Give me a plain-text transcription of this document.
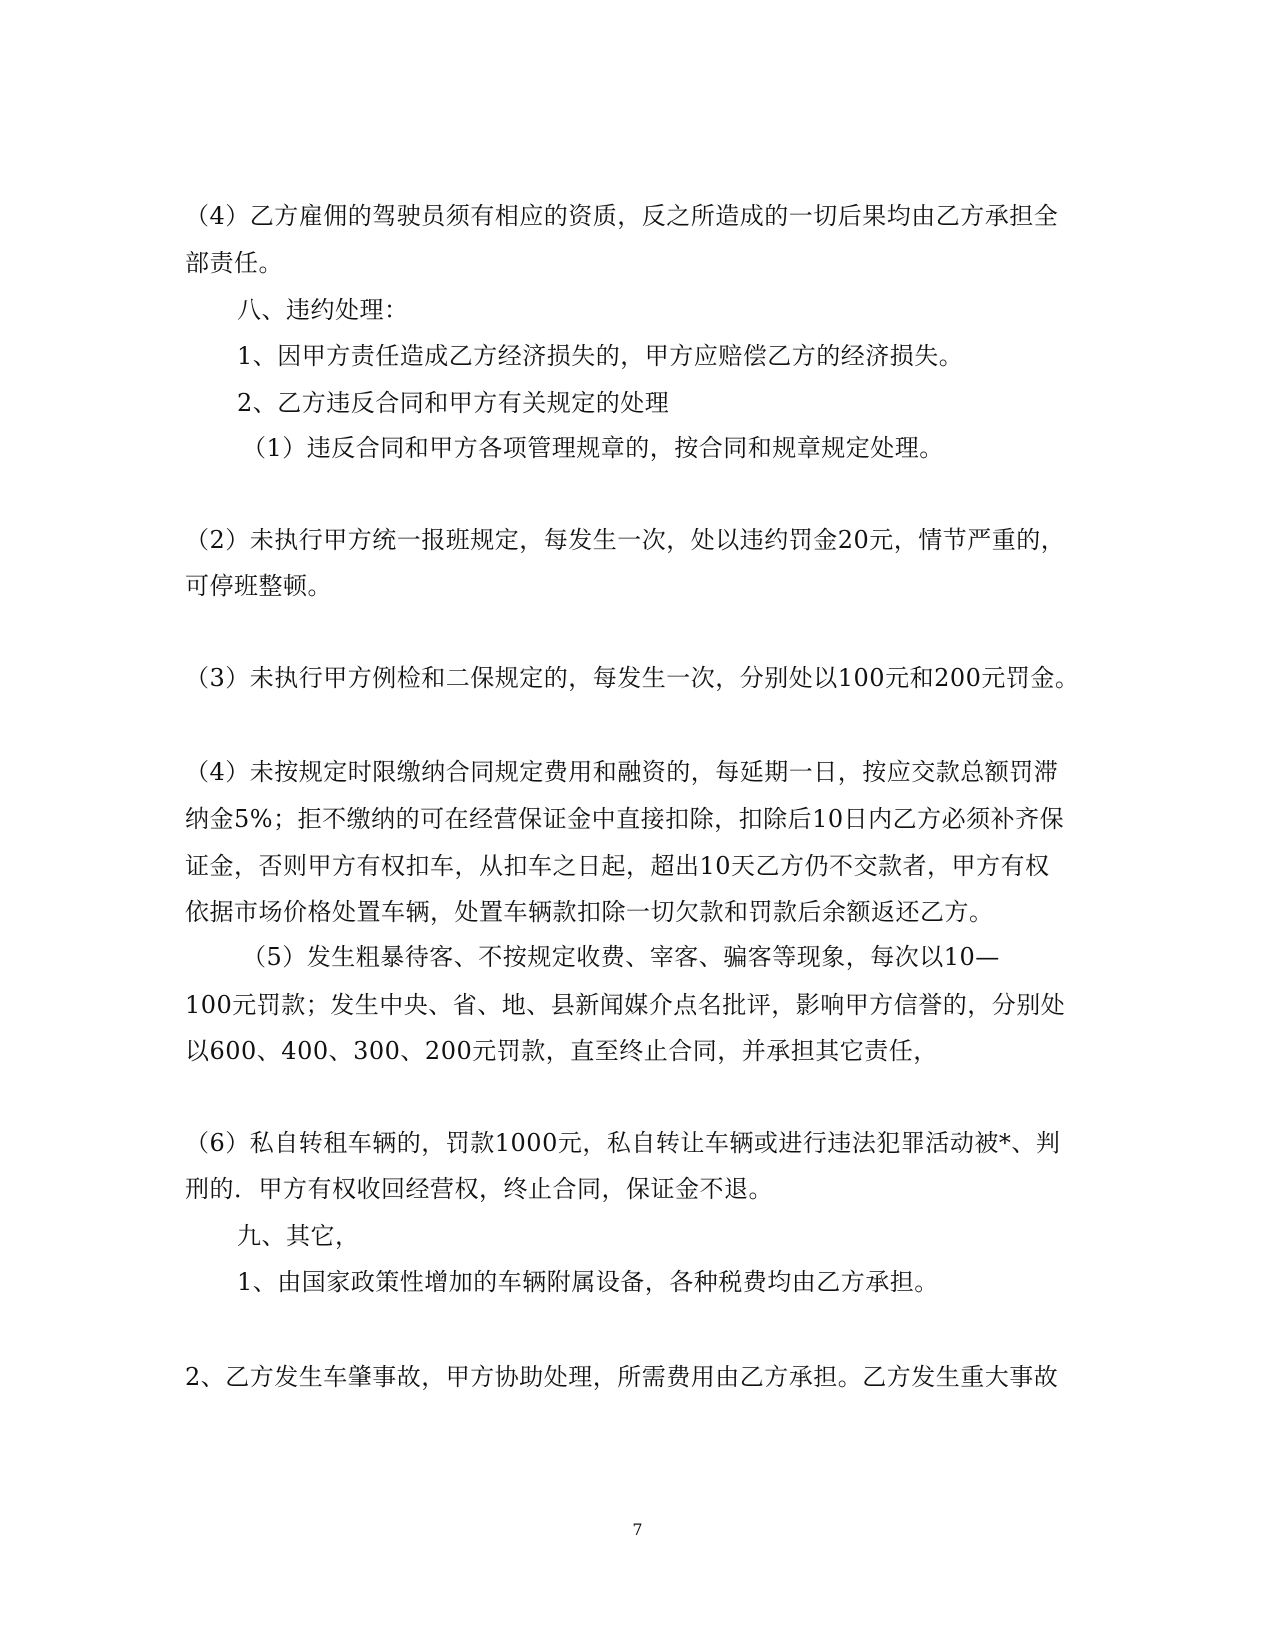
（4）乙方雇佣的驾驶员须有相应的资质，反之所造成的一切后果均由乙方承担全
部责任。
八、违约处理：
1、因甲方责任造成乙方经济损失的，甲方应赔偿乙方的经济损失。
2、乙方违反合同和甲方有关规定的处理
（1）违反合同和甲方各项管理规章的，按合同和规章规定处理。
（2）未执行甲方统一报班规定，每发生一次，处以违约罚金20元，情节严重的，
可停班整顿。
（3）未执行甲方例检和二保规定的，每发生一次，分别处以100元和200元罚金。
（4）未按规定时限缴纳合同规定费用和融资的，每延期一日，按应交款总额罚滞
纳金5%；拒不缴纳的可在经营保证金中直接扣除，扣除后10日内乙方必须补齐保
证金，否则甲方有权扣车，从扣车之日起，超出10天乙方仍不交款者，甲方有权
依据市场价格处置车辆，处置车辆款扣除一切欠款和罚款后余额返还乙方。
（5）发生粗暴待客、不按规定收费、宰客、骗客等现象，每次以10—
100元罚款；发生中央、省、地、县新闻媒介点名批评，影响甲方信誉的，分别处
以600、400、300、200元罚款，直至终止合同，并承担其它责任，
（6）私自转租车辆的，罚款1000元，私自转让车辆或进行违法犯罪活动被*、判
刑的．甲方有权收回经营权，终止合同，保证金不退。
九、其它，
1、由国家政策性增加的车辆附属设备，各种税费均由乙方承担。
2、乙方发生车肇事故，甲方协助处理，所需费用由乙方承担。乙方发生重大事故
7
